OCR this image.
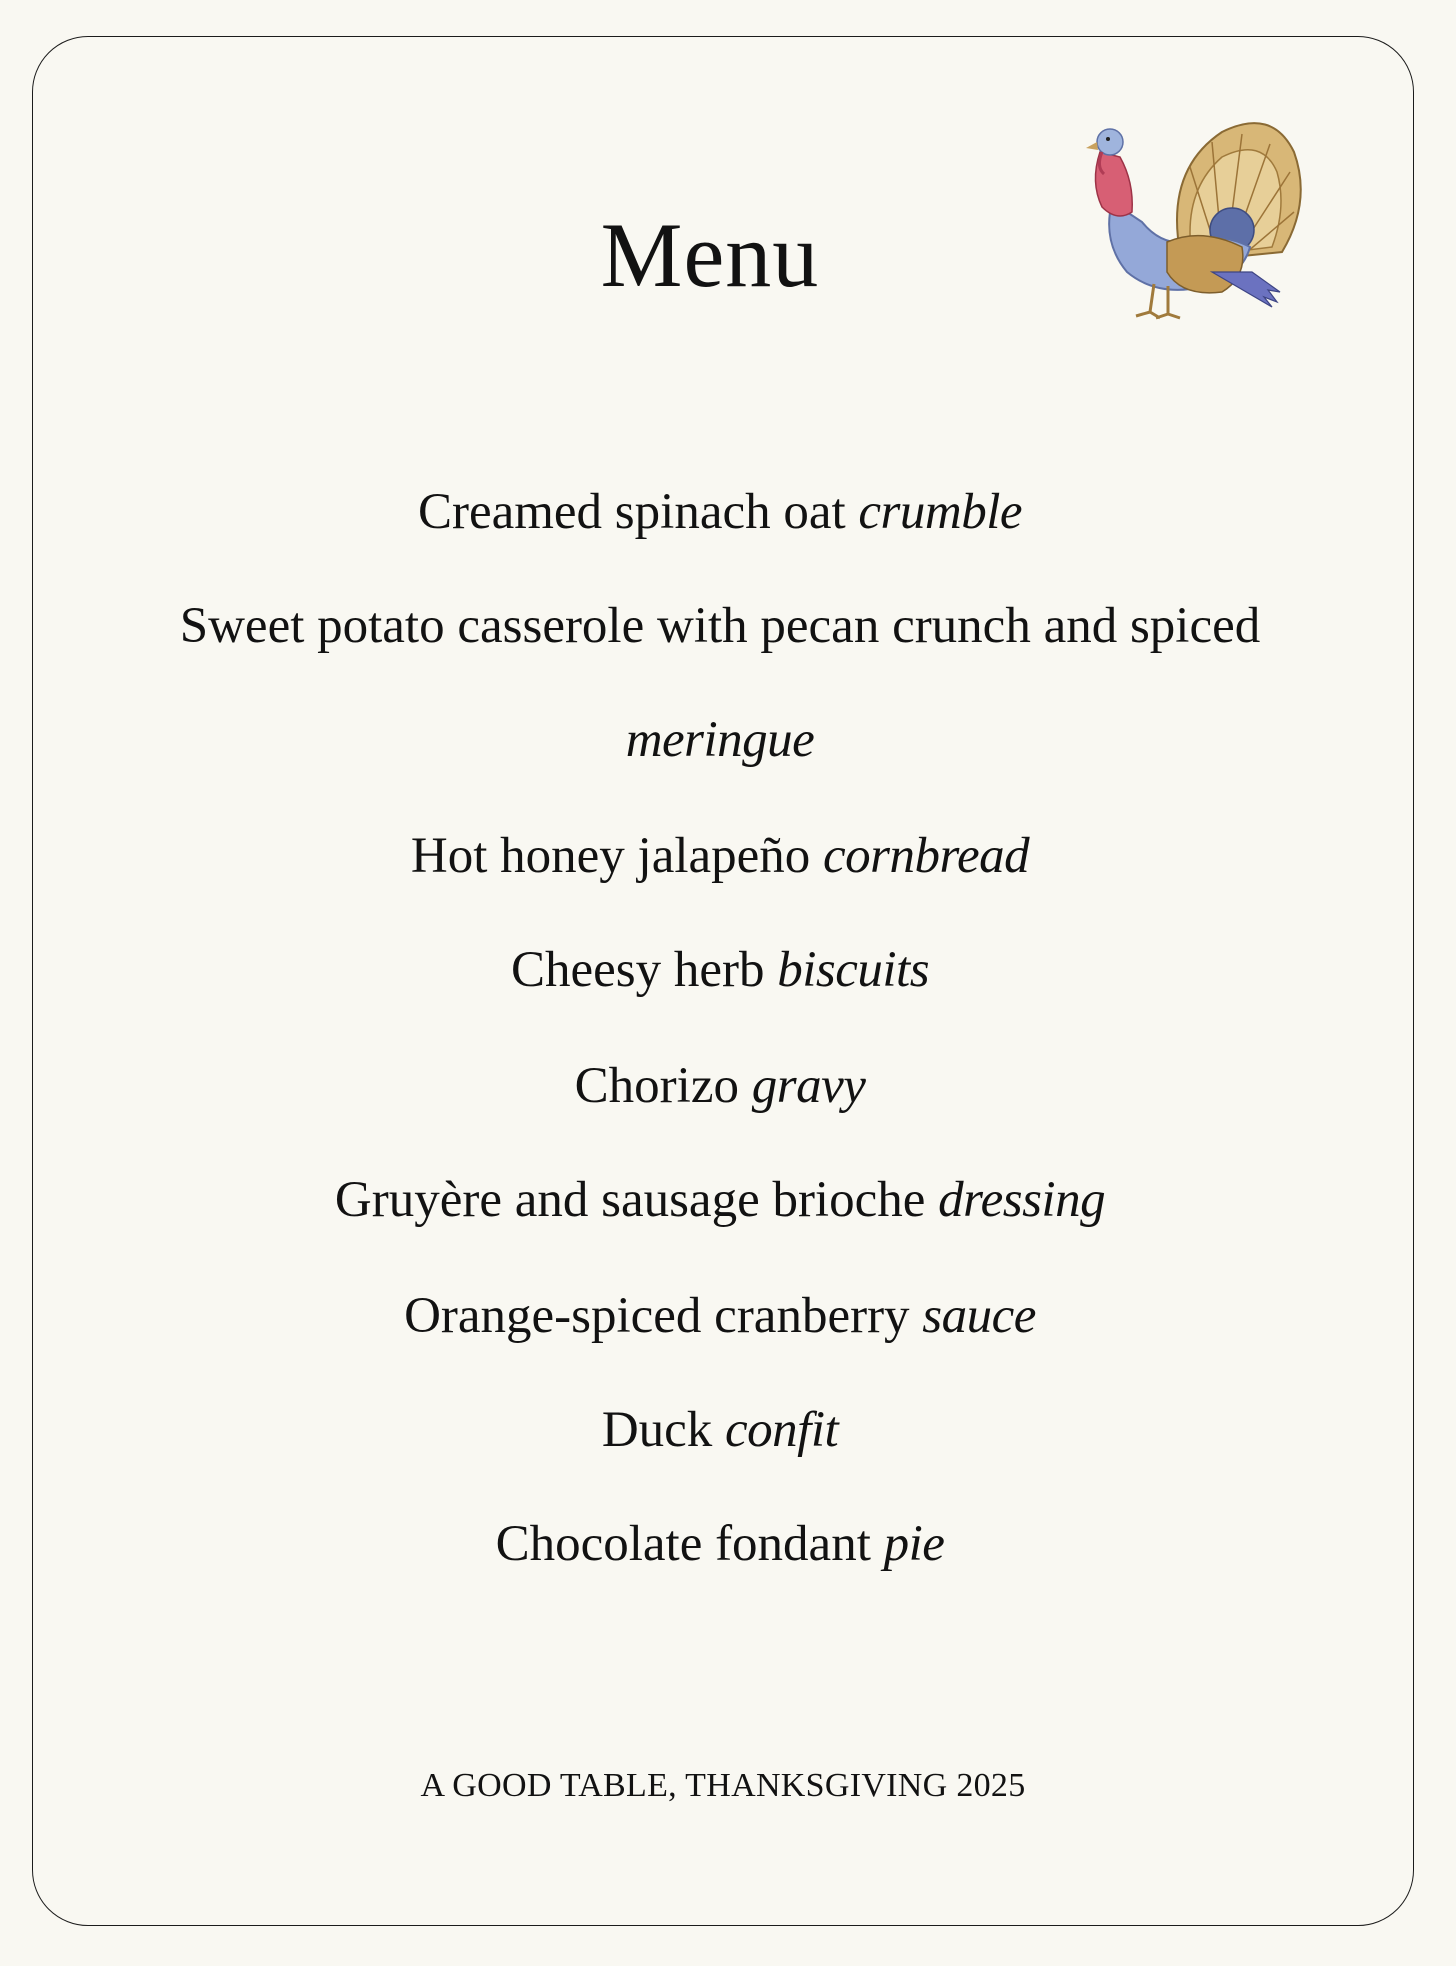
Menu
Creamed spinach oat crumble
Sweet potato casserole with pecan crunch and spiced
meringue
Hot honey jalapeño cornbread
Cheesy herb biscuits
Chorizo gravy
Gruyère and sausage brioche dressing
Orange-spiced cranberry sauce
Duck confit
Chocolate fondant pie
A GOOD TABLE, THANKSGIVING 2025
